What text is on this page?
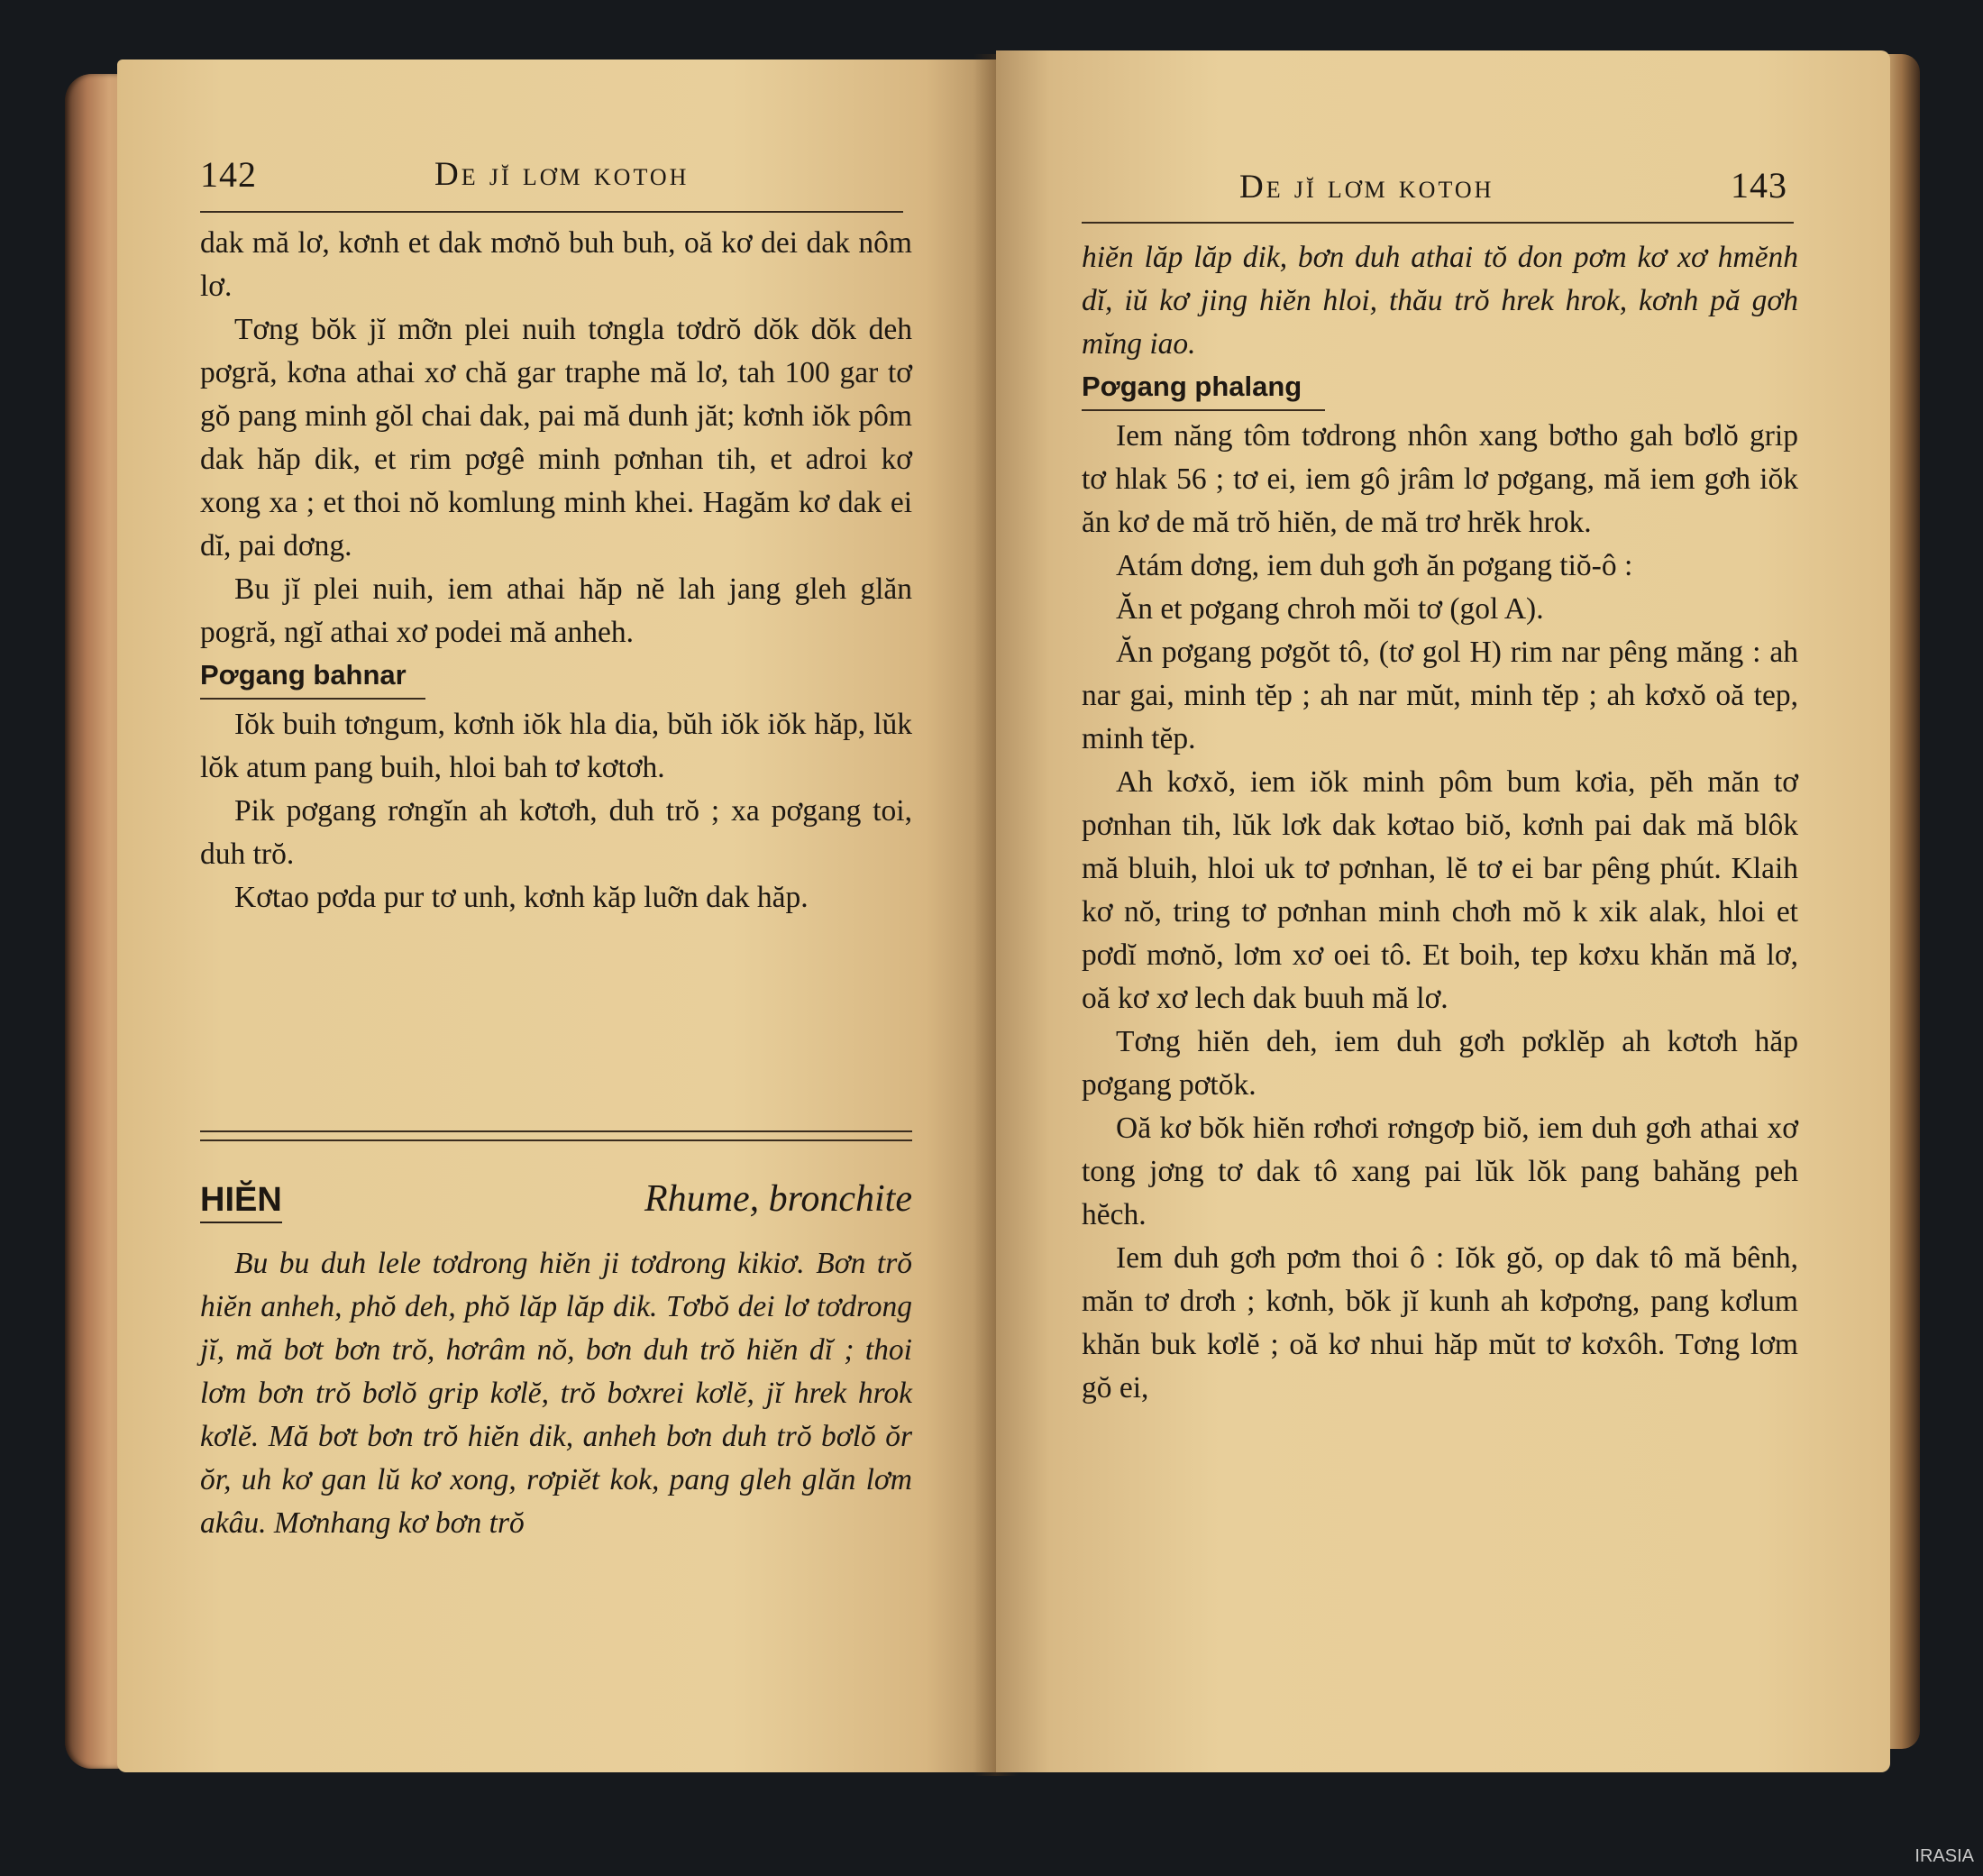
142	De jĭ lơm kotoh

dak mă lơ, kơnh et dak mơnŏ buh buh, oă kơ dei dak nôm lơ.

Tơng bŏk jĭ mỡn plei nuih tơngla tơdrŏ dŏk dŏk deh pơgră, kơna athai xơ chă gar traphe mă lơ, tah 100 gar tơ gŏ pang minh gŏl chai dak, pai mă dunh jăt; kơnh iŏk pôm dak hăp dik, et rim pơgê minh pơnhan tih, et adroi kơ xong xa ; et thoi nŏ komlung minh khei. Hagăm kơ dak ei dĭ, pai dơng.

Bu jĭ plei nuih, iem athai hăp nĕ lah jang gleh glăn pogră, ngĭ athai xơ podei mă anheh.

Pơgang bahnar

Iŏk buih tơngum, kơnh iŏk hla dia, bŭh iŏk iŏk hăp, lŭk lŏk atum pang buih, hloi bah tơ kơtơh.

Pik pơgang rơngĭn ah kơtơh, duh trŏ ; xa pơgang toi, duh trŏ.

Kơtao pơda pur tơ unh, kơnh kăp luỡn dak hăp.

HIĔN	Rhume, bronchite

Bu bu duh lele tơdrong hiĕn ji tơdrong kikiơ. Bơn trŏ hiĕn anheh, phŏ deh, phŏ lăp lăp dik. Tơbŏ dei lơ tơdrong jĭ, mă bơt bơn trŏ, hơrâm nŏ, bơn duh trŏ hiĕn dĭ ; thoi lơm bơn trŏ bơlŏ grip kơlĕ, trŏ bơxrei kơlĕ, jĭ hrek hrok kơlĕ. Mă bơt bơn trŏ hiĕn dik, anheh bơn duh trŏ bơlŏ ŏr ŏr, uh kơ gan lŭ kơ xong, rơpiĕt kok, pang gleh glăn lơm akâu. Mơnhang kơ bơn trŏ

De jĭ lơm kotoh	143

hiĕn lăp lăp dik, bơn duh athai tŏ don pơm kơ xơ hmĕnh dĭ, iŭ kơ jing hiĕn hloi, thău trŏ hrek hrok, kơnh pă gơh mĭng iao.

Pơgang phalang

Iem năng tôm tơdrong nhôn xang bơtho gah bơlŏ grip tơ hlak 56 ; tơ ei, iem gô jrâm lơ pơgang, mă iem gơh iŏk ăn kơ de mă trŏ hiĕn, de mă trơ hrĕk hrok.

Atám dơng, iem duh gơh ăn pơgang tiŏ-ô :

Ăn et pơgang chroh mŏi tơ (gol A).

Ăn pơgang pơgŏt tô, (tơ gol H) rim nar pêng măng : ah nar gai, minh tĕp ; ah nar mŭt, minh tĕp ; ah kơxŏ oă tep, minh tĕp.

Ah kơxŏ, iem iŏk minh pôm bum kơia, pĕh măn tơ pơnhan tih, lŭk lơk dak kơtao biŏ, kơnh pai dak mă blôk mă bluih, hloi uk tơ pơnhan, lĕ tơ ei bar pêng phút. Klaih kơ nŏ, tring tơ pơnhan minh chơh mŏ k xik alak, hloi et pơdĭ mơnŏ, lơm xơ oei tô. Et boih, tep kơxu khăn mă lơ, oă kơ xơ lech dak buuh mă lơ.

Tơng hiĕn deh, iem duh gơh pơklĕp ah kơtơh hăp pơgang pơtŏk.

Oă kơ bŏk hiĕn rơhơi rơngơp biŏ, iem duh gơh athai xơ tong jơng tơ dak tô xang pai lŭk lŏk pang bahăng peh hĕch.

Iem duh gơh pơm thoi ô : Iŏk gŏ, op dak tô mă bênh, măn tơ drơh ; kơnh, bŏk jĭ kunh ah kơpơng, pang kơlum khăn buk kơlĕ ; oă kơ nhui hăp mŭt tơ kơxôh. Tơng lơm gŏ ei,

IRASIA
